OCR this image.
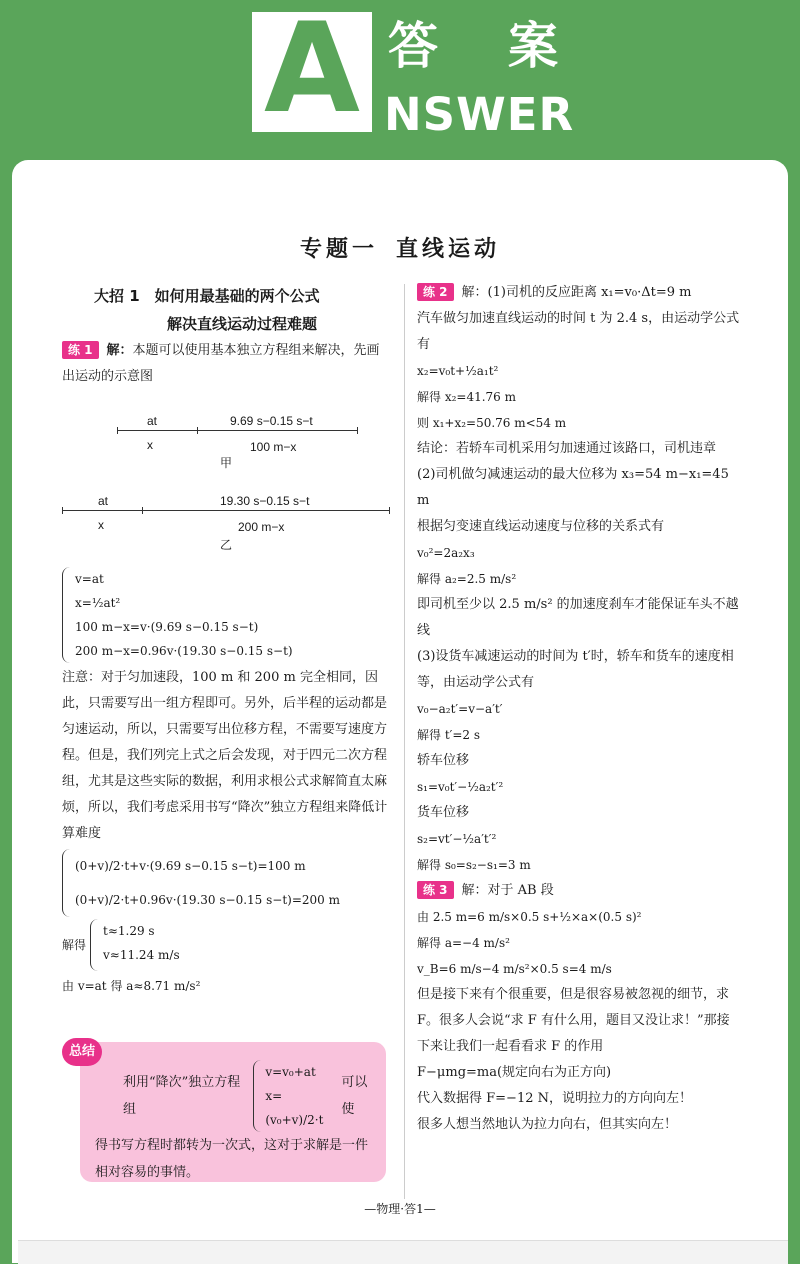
A 答 案
NSWER
专题一 直线运动
大招 1　如何用最基础的两个公式
解决直线运动过程难题
练 1 解：本题可以使用基本独立方程组来解决，先画出运动的示意图
at	9.69 s−0.15 s−t
x	100 m−x
甲
at	19.30 s−0.15 s−t
x	200 m−x
乙
v=at
x=½at²
100 m−x=v·(9.69 s−0.15 s−t)
200 m−x=0.96v·(19.30 s−0.15 s−t)
注意：对于匀加速段，100 m 和 200 m 完全相同，因此，只需要写出一组方程即可。另外，后半程的运动都是匀速运动，所以，只需要写出位移方程，不需要写速度方程。但是，我们列完上式之后会发现，对于四元二次方程组，尤其是这些实际的数据，利用求根公式求解简直太麻烦，所以，我们考虑采用书写“降次”独立方程组来降低计算难度
(0+v)/2·t+v·(9.69 s−0.15 s−t)=100 m
(0+v)/2·t+0.96v·(19.30 s−0.15 s−t)=200 m
解得
t≈1.29 s
v≈11.24 m/s
由 v=at 得 a≈8.71 m/s²
总结
利用“降次”独立方程组
v=v₀+at
x=(v₀+v)/2·t
可以使
得书写方程时都转为一次式，这对于求解是一件相对容易的事情。
练 2 解：(1)司机的反应距离 x₁=v₀·Δt=9 m
汽车做匀加速直线运动的时间 t 为 2.4 s，由运动学公式有
x₂=v₀t+½a₁t²
解得 x₂=41.76 m
则 x₁+x₂=50.76 m<54 m
结论：若轿车司机采用匀加速通过该路口，司机违章
(2)司机做匀减速运动的最大位移为 x₃=54 m−x₁=45 m
根据匀变速直线运动速度与位移的关系式有
v₀²=2a₂x₃
解得 a₂=2.5 m/s²
即司机至少以 2.5 m/s² 的加速度刹车才能保证车头不越线
(3)设货车减速运动的时间为 t′时，轿车和货车的速度相等，由运动学公式有
v₀−a₂t′=v−a′t′
解得 t′=2 s
轿车位移
s₁=v₀t′−½a₂t′²
货车位移
s₂=vt′−½a′t′²
解得 s₀=s₂−s₁=3 m
练 3 解：对于 AB 段
由 2.5 m=6 m/s×0.5 s+½×a×(0.5 s)²
解得 a=−4 m/s²
v_B=6 m/s−4 m/s²×0.5 s=4 m/s
但是接下来有个很重要，但是很容易被忽视的细节，求 F。很多人会说“求 F 有什么用，题目又没让求！”那接下来让我们一起看看求 F 的作用
F−μmg=ma(规定向右为正方向)
代入数据得 F=−12 N，说明拉力的方向向左！
很多人想当然地认为拉力向右，但其实向左！
—物理·答1—
